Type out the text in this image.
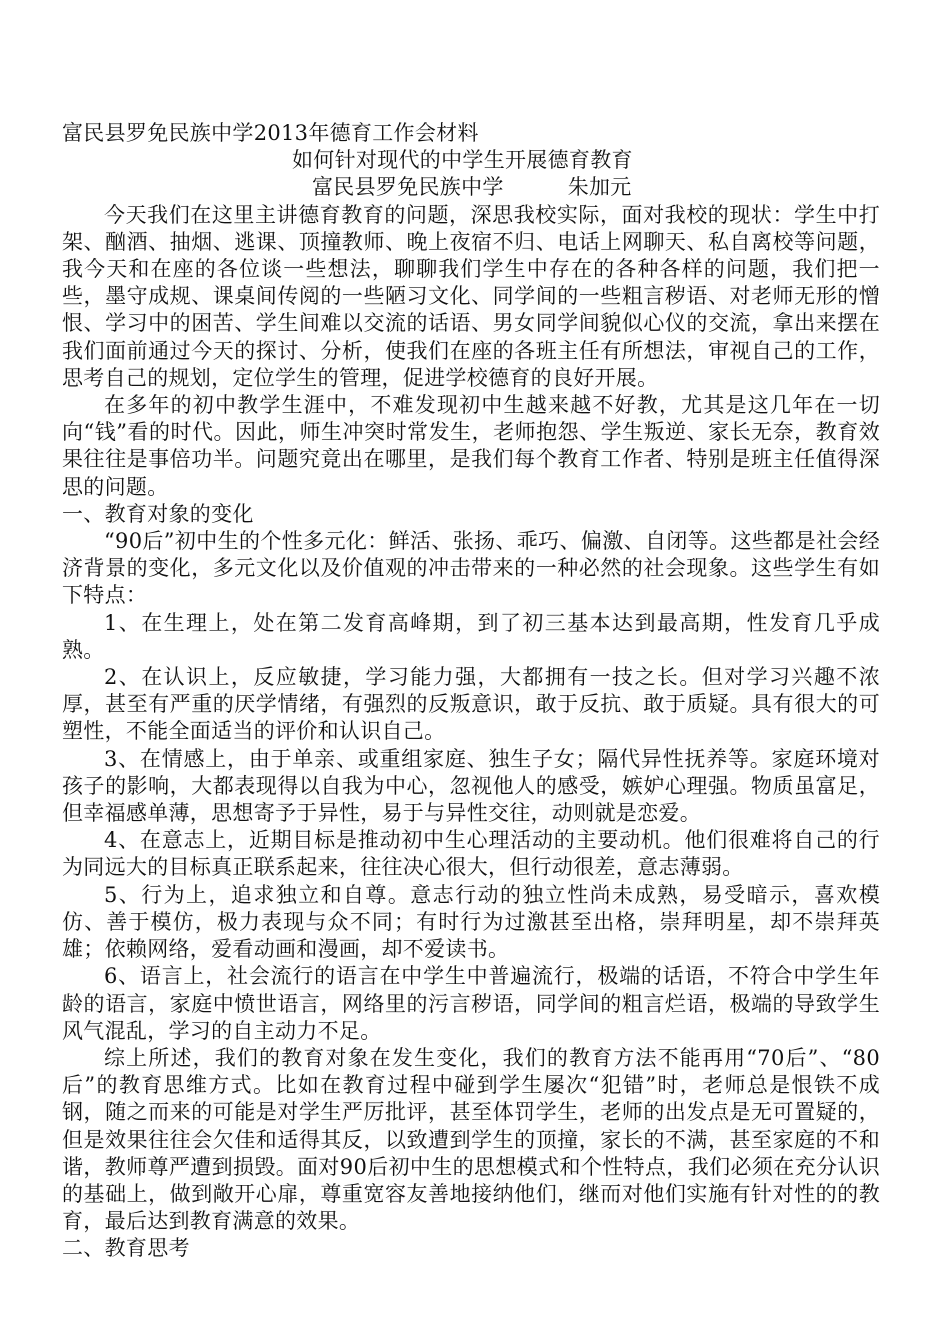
富民县罗免民族中学2013年德育工作会材料

如何针对现代的中学生开展德育教育

富民县罗免民族中学	朱加元

今天我们在这里主讲德育教育的问题，深思我校实际，面对我校的现状：学生中打架、酗酒、抽烟、逃课、顶撞教师、晚上夜宿不归、电话上网聊天、私自离校等问题，我今天和在座的各位谈一些想法，聊聊我们学生中存在的各种各样的问题，我们把一些，墨守成规、课桌间传阅的一些陋习文化、同学间的一些粗言秽语、对老师无形的憎恨、学习中的困苦、学生间难以交流的话语、男女同学间貌似心仪的交流，拿出来摆在我们面前通过今天的探讨、分析，使我们在座的各班主任有所想法，审视自己的工作，思考自己的规划，定位学生的管理，促进学校德育的良好开展。

在多年的初中教学生涯中，不难发现初中生越来越不好教，尤其是这几年在一切向“钱”看的时代。因此，师生冲突时常发生，老师抱怨、学生叛逆、家长无奈，教育效果往往是事倍功半。问题究竟出在哪里，是我们每个教育工作者、特别是班主任值得深思的问题。

一、教育对象的变化

“90后”初中生的个性多元化：鲜活、张扬、乖巧、偏激、自闭等。这些都是社会经济背景的变化，多元文化以及价值观的冲击带来的一种必然的社会现象。这些学生有如下特点：

1、在生理上，处在第二发育高峰期，到了初三基本达到最高期，性发育几乎成熟。

2、在认识上，反应敏捷，学习能力强，大都拥有一技之长。但对学习兴趣不浓厚，甚至有严重的厌学情绪，有强烈的反叛意识，敢于反抗、敢于质疑。具有很大的可塑性，不能全面适当的评价和认识自己。

3、在情感上，由于单亲、或重组家庭、独生子女；隔代异性抚养等。家庭环境对孩子的影响，大都表现得以自我为中心，忽视他人的感受，嫉妒心理强。物质虽富足，但幸福感单薄，思想寄予于异性，易于与异性交往，动则就是恋爱。

4、在意志上，近期目标是推动初中生心理活动的主要动机。他们很难将自己的行为同远大的目标真正联系起来，往往决心很大，但行动很差，意志薄弱。

5、行为上，追求独立和自尊。意志行动的独立性尚未成熟，易受暗示，喜欢模仿、善于模仿，极力表现与众不同；有时行为过激甚至出格，崇拜明星，却不崇拜英雄；依赖网络，爱看动画和漫画，却不爱读书。

6、语言上，社会流行的语言在中学生中普遍流行，极端的话语，不符合中学生年龄的语言，家庭中愤世语言，网络里的污言秽语，同学间的粗言烂语，极端的导致学生风气混乱，学习的自主动力不足。

综上所述，我们的教育对象在发生变化，我们的教育方法不能再用“70后”、“80后”的教育思维方式。比如在教育过程中碰到学生屡次“犯错”时，老师总是恨铁不成钢，随之而来的可能是对学生严厉批评，甚至体罚学生，老师的出发点是无可置疑的，但是效果往往会欠佳和适得其反，以致遭到学生的顶撞，家长的不满，甚至家庭的不和谐，教师尊严遭到损毁。面对90后初中生的思想模式和个性特点，我们必须在充分认识的基础上，做到敞开心扉，尊重宽容友善地接纳他们，继而对他们实施有针对性的的教育，最后达到教育满意的效果。

二、教育思考
